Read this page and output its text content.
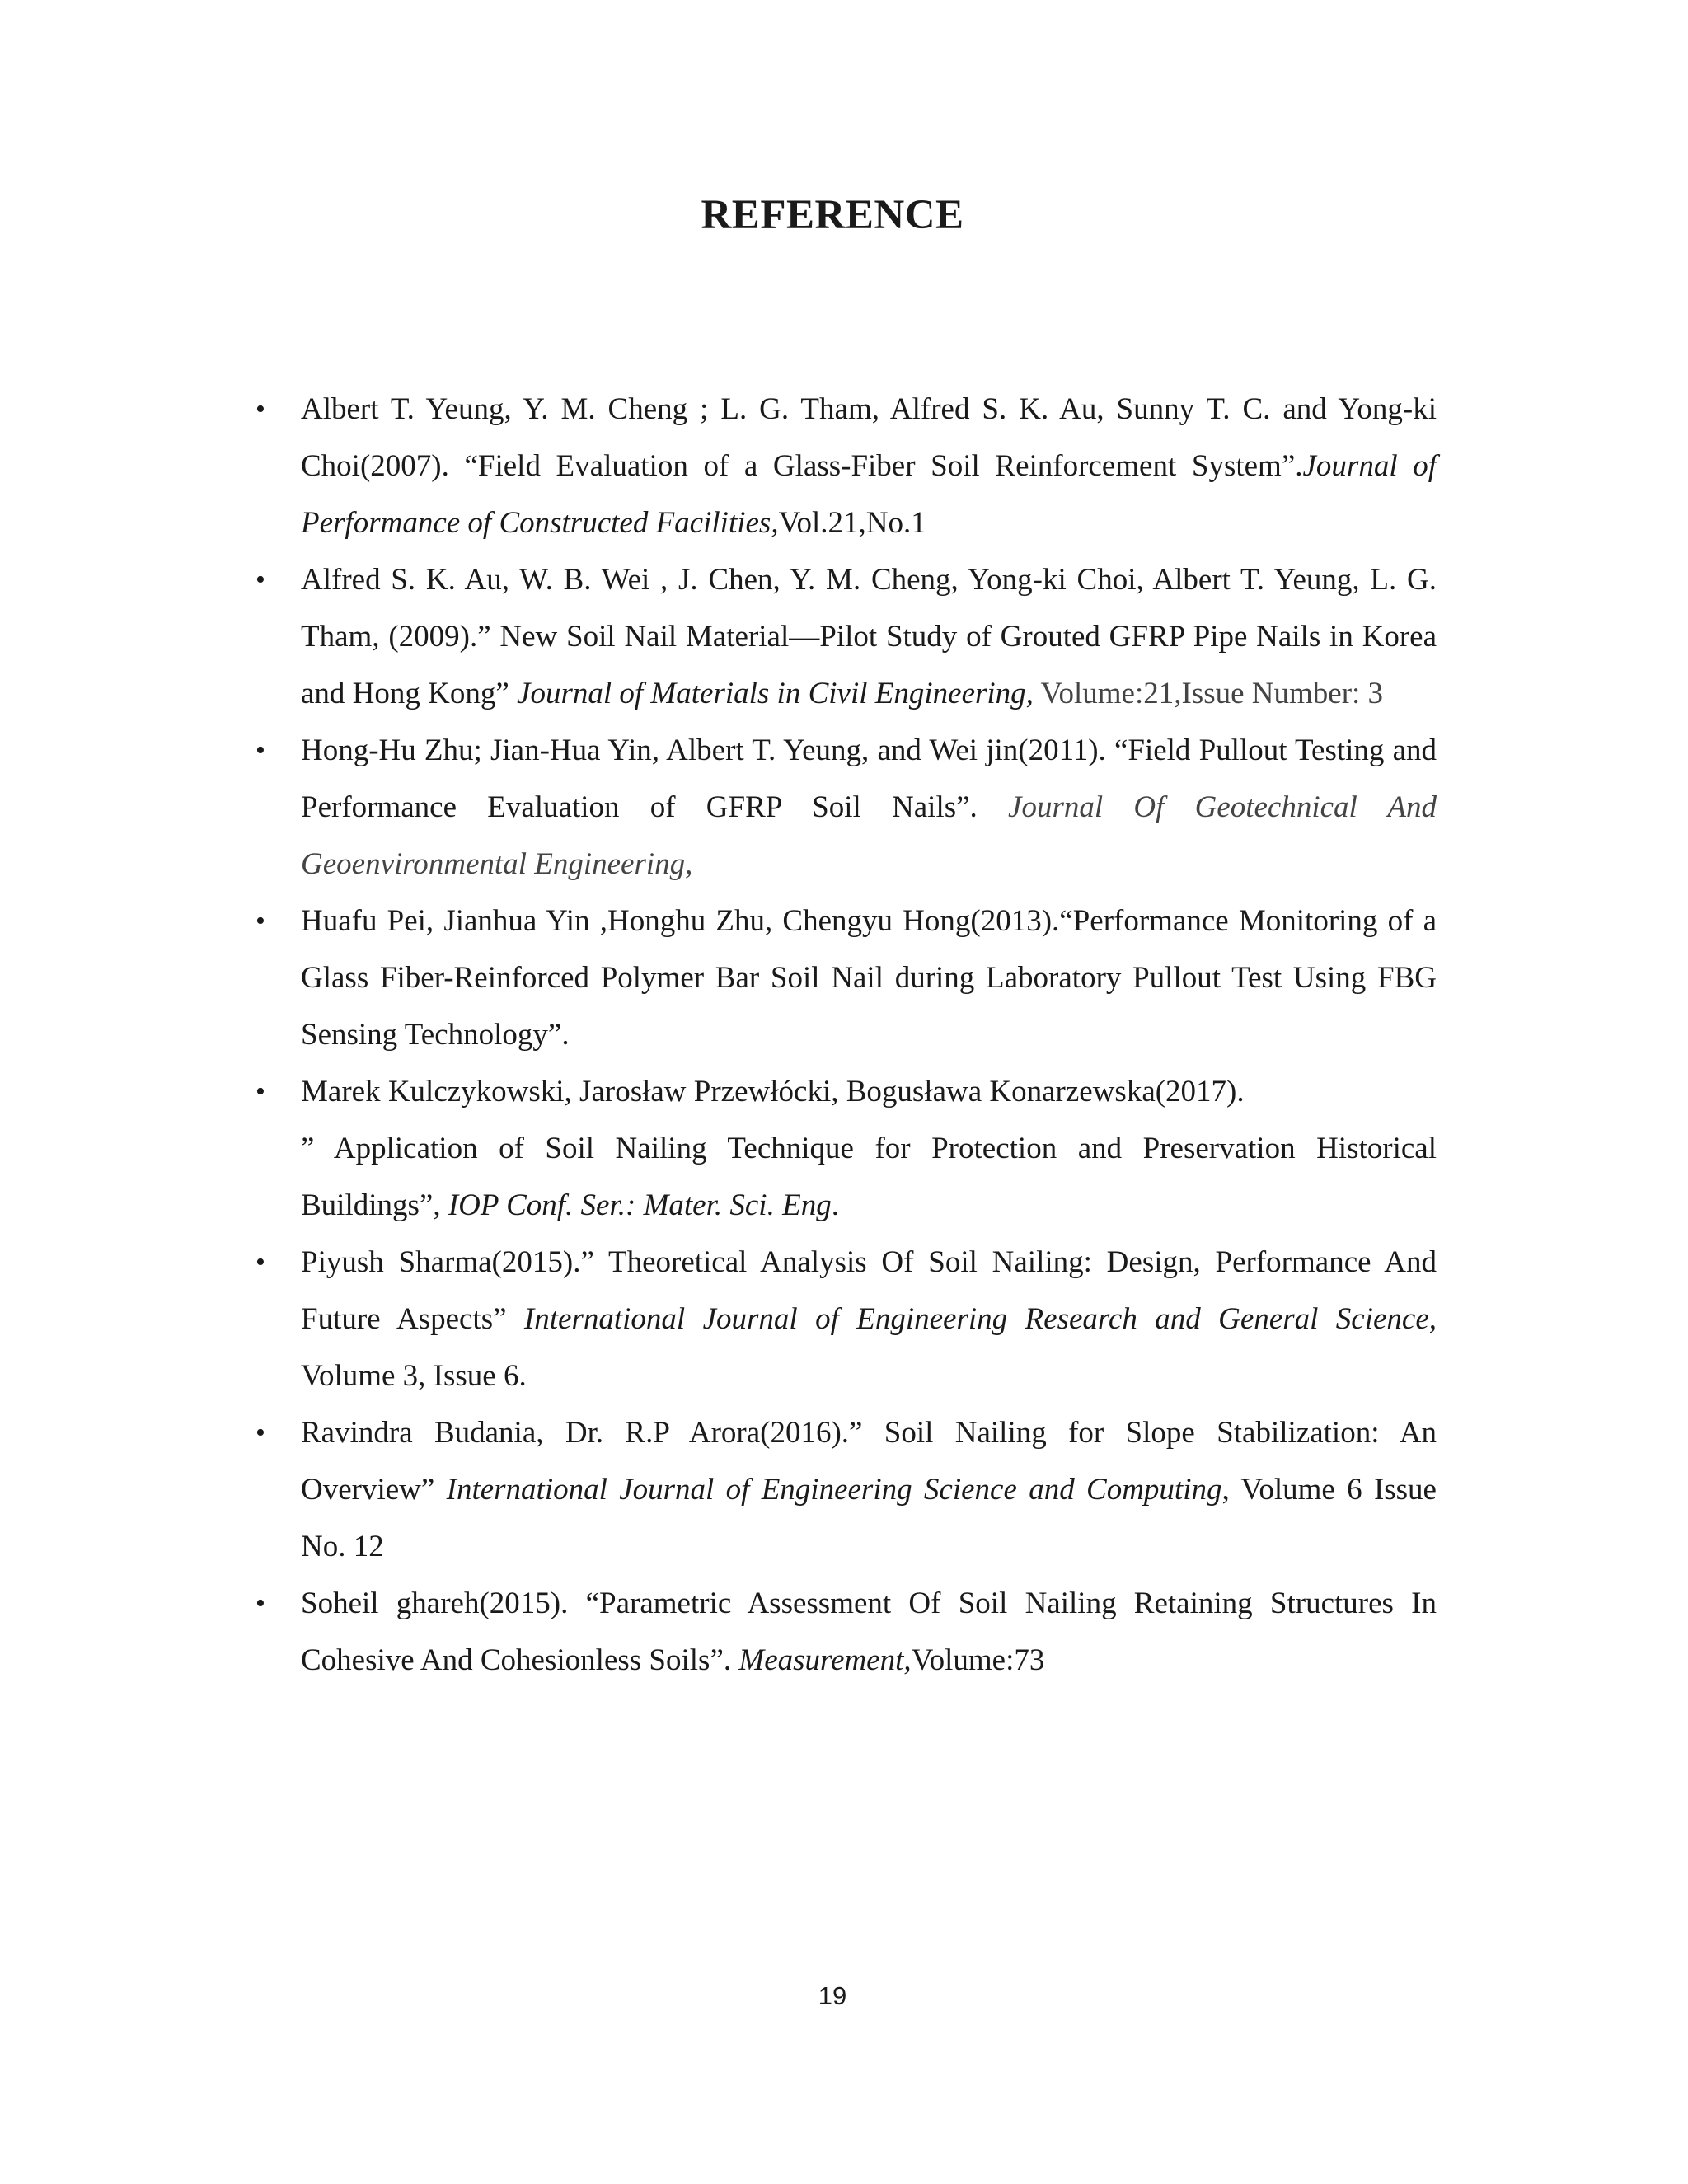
REFERENCE
• Albert T. Yeung, Y. M. Cheng ; L. G. Tham, Alfred S. K. Au, Sunny T. C. and Yong-ki Choi(2007). “Field Evaluation of a Glass-Fiber Soil Reinforcement System”.Journal of Performance of Constructed Facilities,Vol.21,No.1
• Alfred S. K. Au, W. B. Wei , J. Chen, Y. M. Cheng, Yong-ki Choi, Albert T. Yeung, L. G. Tham, (2009).” New Soil Nail Material—Pilot Study of Grouted GFRP Pipe Nails in Korea and Hong Kong” Journal of Materials in Civil Engineering, Volume:21,Issue Number: 3
• Hong-Hu Zhu; Jian-Hua Yin, Albert T. Yeung, and Wei jin(2011). “Field Pullout Testing and Performance Evaluation of GFRP Soil Nails”. Journal Of Geotechnical And Geoenvironmental Engineering,
• Huafu Pei, Jianhua Yin ,Honghu Zhu, Chengyu Hong(2013).“Performance Monitoring of a Glass Fiber-Reinforced Polymer Bar Soil Nail during Laboratory Pullout Test Using FBG Sensing Technology”.
• Marek Kulczykowski, Jarosław Przewłócki, Bogusława Konarzewska(2017).
” Application of Soil Nailing Technique for Protection and Preservation Historical Buildings”, IOP Conf. Ser.: Mater. Sci. Eng.
• Piyush Sharma(2015).” Theoretical Analysis Of Soil Nailing: Design, Performance And Future Aspects” International Journal of Engineering Research and General Science, Volume 3, Issue 6.
• Ravindra Budania, Dr. R.P Arora(2016).” Soil Nailing for Slope Stabilization: An Overview” International Journal of Engineering Science and Computing, Volume 6 Issue No. 12
• Soheil ghareh(2015). “Parametric Assessment Of Soil Nailing Retaining Structures In Cohesive And Cohesionless Soils”. Measurement,Volume:73

19
